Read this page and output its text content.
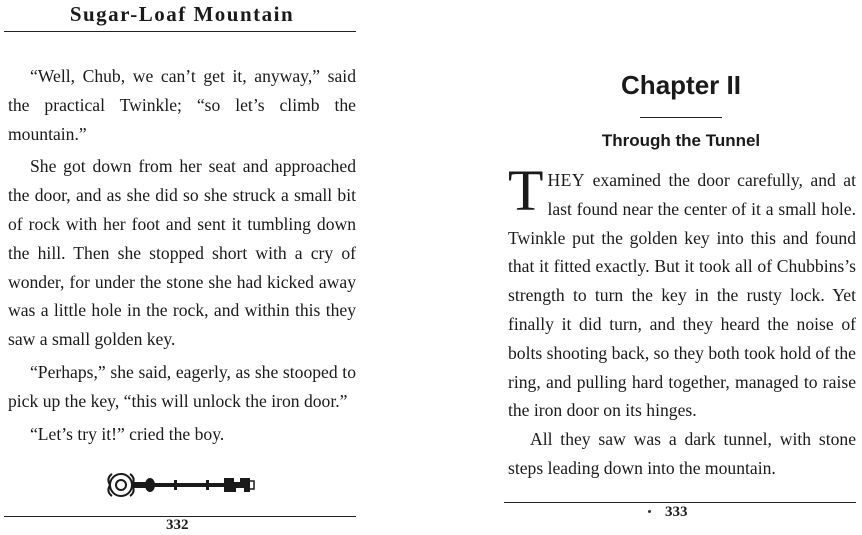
Sugar-Loaf Mountain

“Well, Chub, we can’t get it, anyway,” said the practical Twinkle; “so let’s climb the mountain.”

She got down from her seat and approached the door, and as she did so she struck a small bit of rock with her foot and sent it tumbling down the hill. Then she stopped short with a cry of wonder, for under the stone she had kicked away was a little hole in the rock, and within this they saw a small golden key.

“Perhaps,” she said, eagerly, as she stooped to pick up the key, “this will unlock the iron door.”

“Let’s try it!” cried the boy.

332
Chapter II
Through the Tunnel

THEY examined the door carefully, and at last found near the center of it a small hole. Twinkle put the golden key into this and found that it fitted exactly. But it took all of Chubbins’s strength to turn the key in the rusty lock. Yet finally it did turn, and they heard the noise of bolts shooting back, so they both took hold of the ring, and pulling hard together, managed to raise the iron door on its hinges.

All they saw was a dark tunnel, with stone steps leading down into the mountain.

333
